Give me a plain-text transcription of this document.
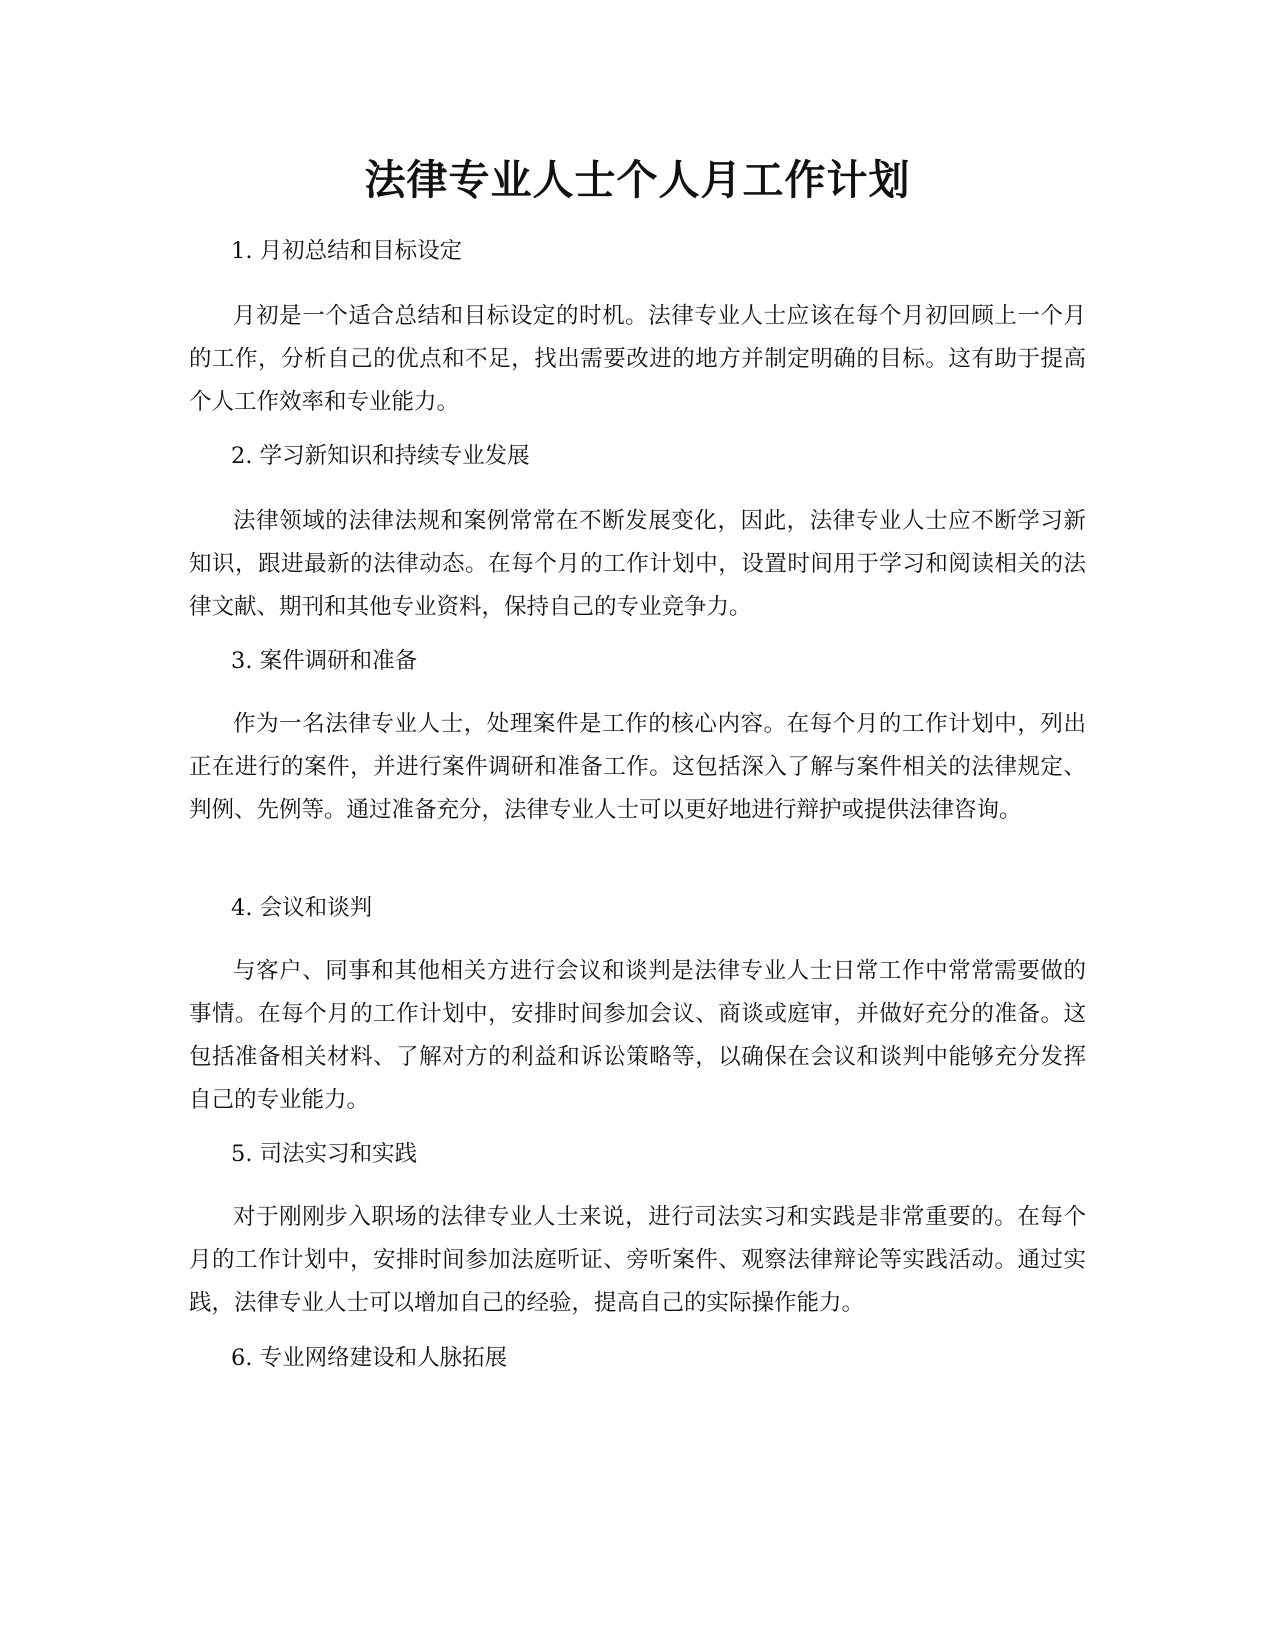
法律专业人士个人月工作计划

1. 月初总结和目标设定

月初是一个适合总结和目标设定的时机。法律专业人士应该在每个月初回顾上一个月的工作，分析自己的优点和不足，找出需要改进的地方并制定明确的目标。这有助于提高个人工作效率和专业能力。

2. 学习新知识和持续专业发展

法律领域的法律法规和案例常常在不断发展变化，因此，法律专业人士应不断学习新知识，跟进最新的法律动态。在每个月的工作计划中，设置时间用于学习和阅读相关的法律文献、期刊和其他专业资料，保持自己的专业竞争力。

3. 案件调研和准备

作为一名法律专业人士，处理案件是工作的核心内容。在每个月的工作计划中，列出正在进行的案件，并进行案件调研和准备工作。这包括深入了解与案件相关的法律规定、判例、先例等。通过准备充分，法律专业人士可以更好地进行辩护或提供法律咨询。

4. 会议和谈判

与客户、同事和其他相关方进行会议和谈判是法律专业人士日常工作中常常需要做的事情。在每个月的工作计划中，安排时间参加会议、商谈或庭审，并做好充分的准备。这包括准备相关材料、了解对方的利益和诉讼策略等，以确保在会议和谈判中能够充分发挥自己的专业能力。

5. 司法实习和实践

对于刚刚步入职场的法律专业人士来说，进行司法实习和实践是非常重要的。在每个月的工作计划中，安排时间参加法庭听证、旁听案件、观察法律辩论等实践活动。通过实践，法律专业人士可以增加自己的经验，提高自己的实际操作能力。

6. 专业网络建设和人脉拓展
